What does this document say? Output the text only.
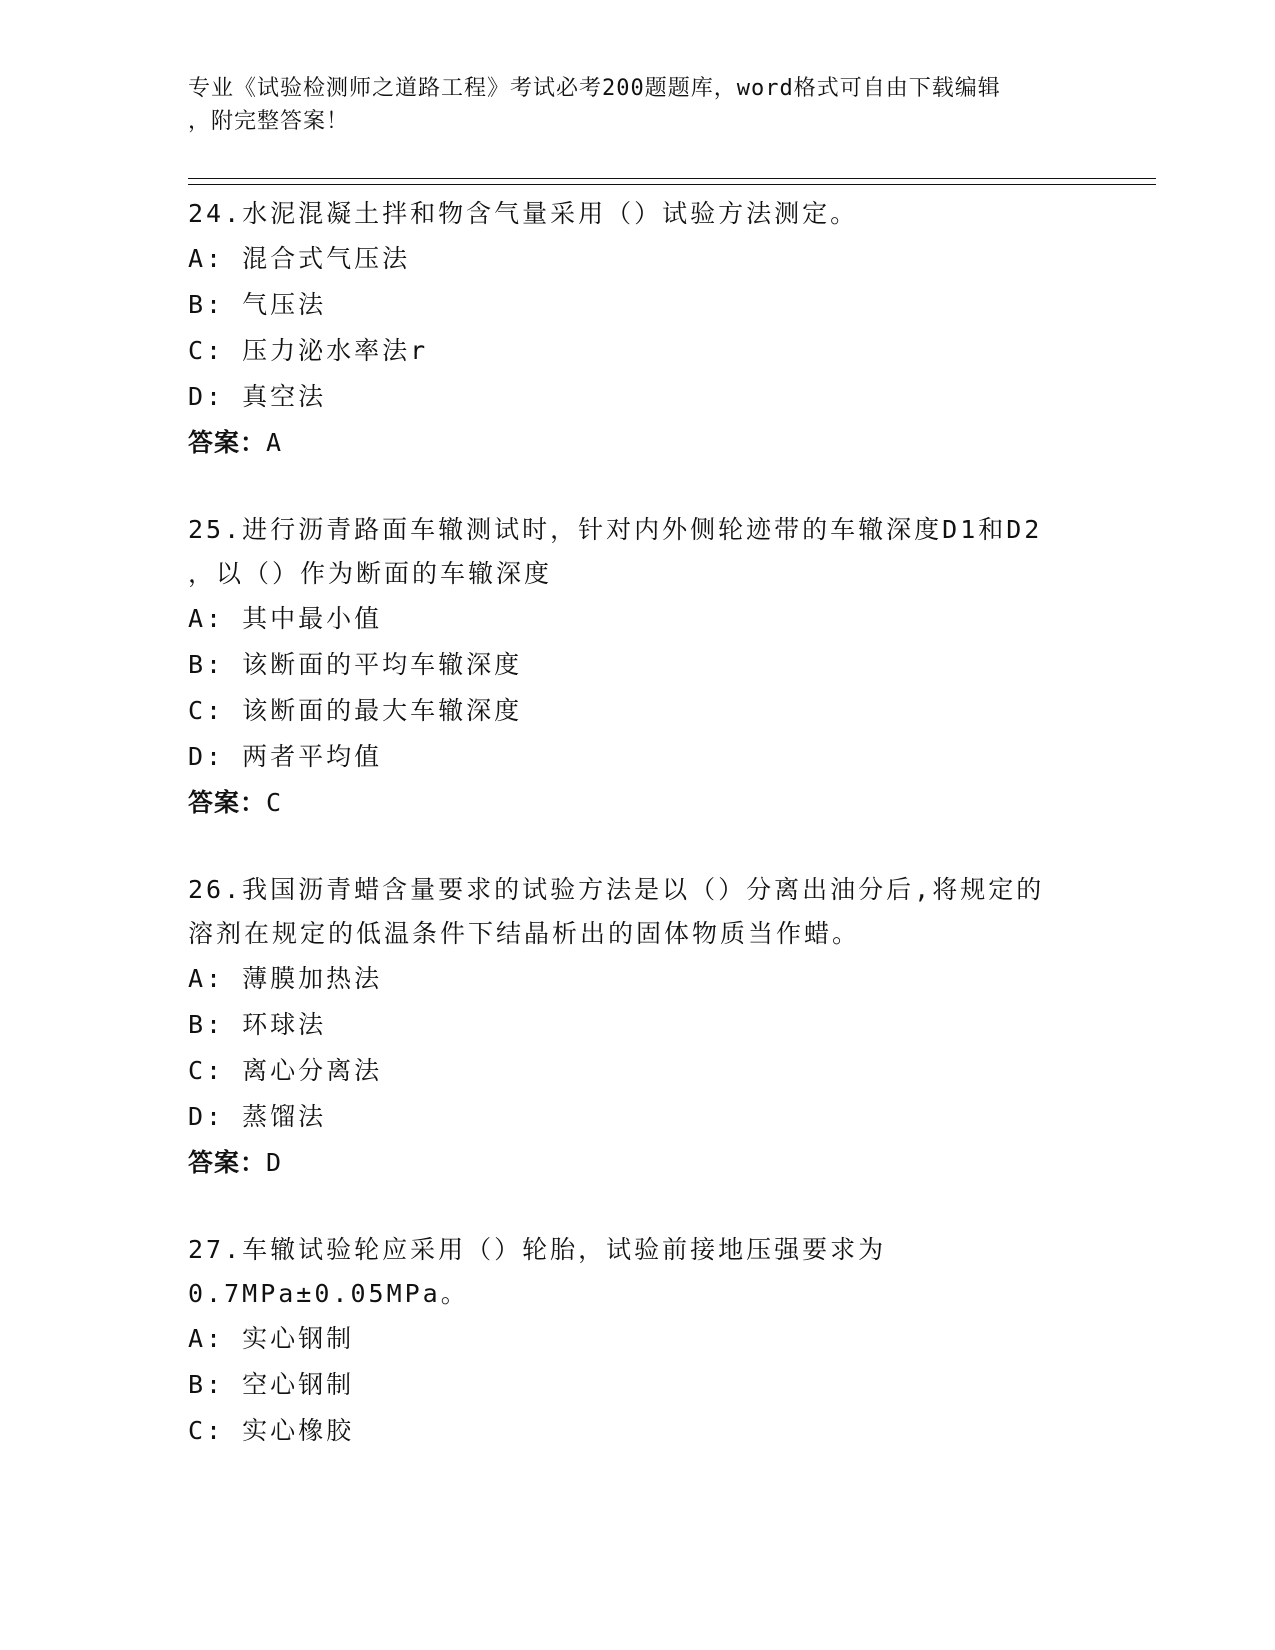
专业《试验检测师之道路工程》考试必考200题题库，word格式可自由下载编辑
，附完整答案！
24.水泥混凝土拌和物含气量采用（）试验方法测定。
A: 混合式气压法
B: 气压法
C: 压力泌水率法r
D: 真空法
答案：A
25.进行沥青路面车辙测试时，针对内外侧轮迹带的车辙深度D1和D2
，以（）作为断面的车辙深度
A: 其中最小值
B: 该断面的平均车辙深度
C: 该断面的最大车辙深度
D: 两者平均值
答案：C
26.我国沥青蜡含量要求的试验方法是以（）分离出油分后,将规定的
溶剂在规定的低温条件下结晶析出的固体物质当作蜡。
A: 薄膜加热法
B: 环球法
C: 离心分离法
D: 蒸馏法
答案：D
27.车辙试验轮应采用（）轮胎，试验前接地压强要求为
0.7MPa±0.05MPa。
A: 实心钢制
B: 空心钢制
C: 实心橡胶
